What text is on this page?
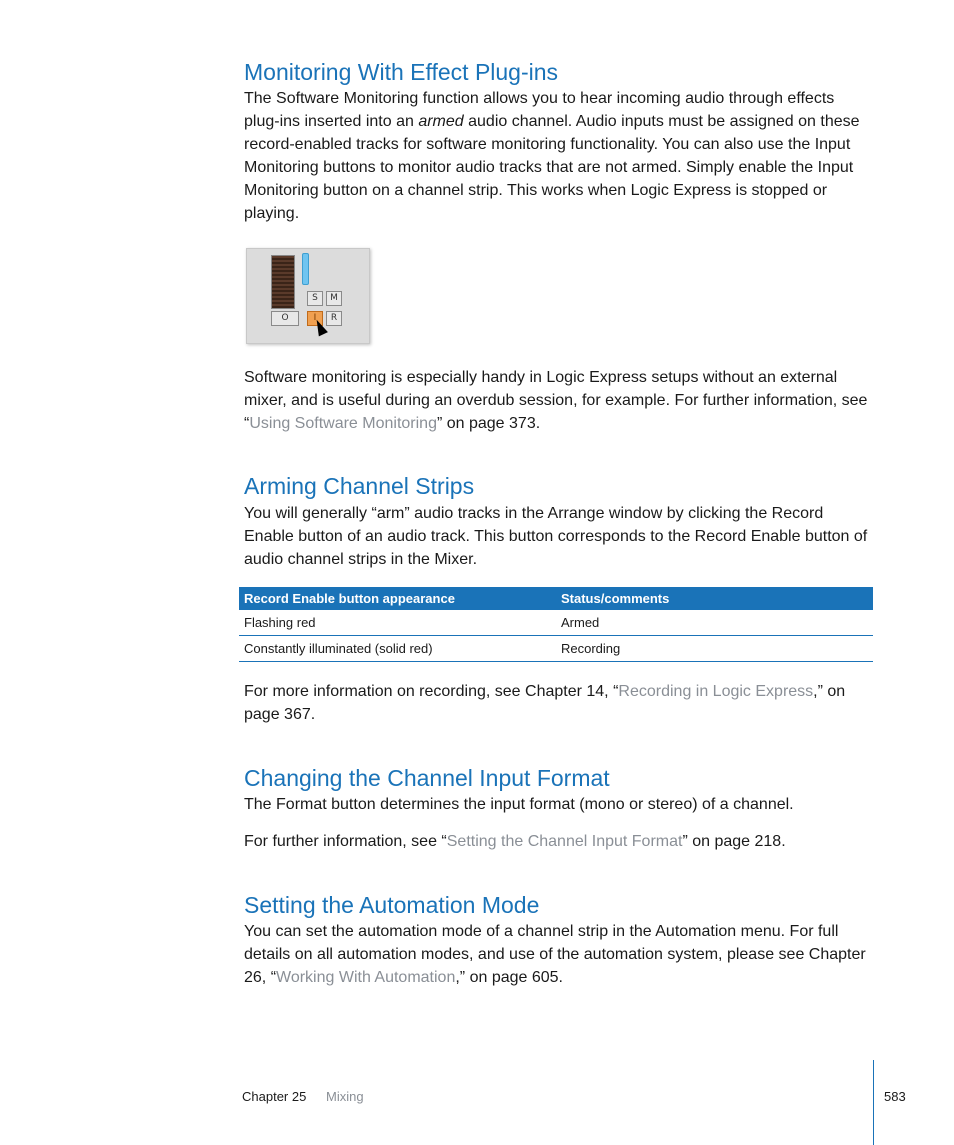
Monitoring With Effect Plug-ins

The Software Monitoring function allows you to hear incoming audio through effects plug-ins inserted into an armed audio channel. Audio inputs must be assigned on these record-enabled tracks for software monitoring functionality. You can also use the Input Monitoring buttons to monitor audio tracks that are not armed. Simply enable the Input Monitoring button on a channel strip. This works when Logic Express is stopped or playing.

S	M
O	I	R

Software monitoring is especially handy in Logic Express setups without an external mixer, and is useful during an overdub session, for example. For further information, see “Using Software Monitoring” on page 373.

Arming Channel Strips

You will generally “arm” audio tracks in the Arrange window by clicking the Record Enable button of an audio track. This button corresponds to the Record Enable button of audio channel strips in the Mixer.

Record Enable button appearance	Status/comments
Flashing red	Armed
Constantly illuminated (solid red)	Recording

For more information on recording, see Chapter 14, “Recording in Logic Express,” on page 367.

Changing the Channel Input Format

The Format button determines the input format (mono or stereo) of a channel.

For further information, see “Setting the Channel Input Format” on page 218.

Setting the Automation Mode

You can set the automation mode of a channel strip in the Automation menu. For full details on all automation modes, and use of the automation system, please see Chapter 26, “Working With Automation,” on page 605.

Chapter 25 Mixing	583
